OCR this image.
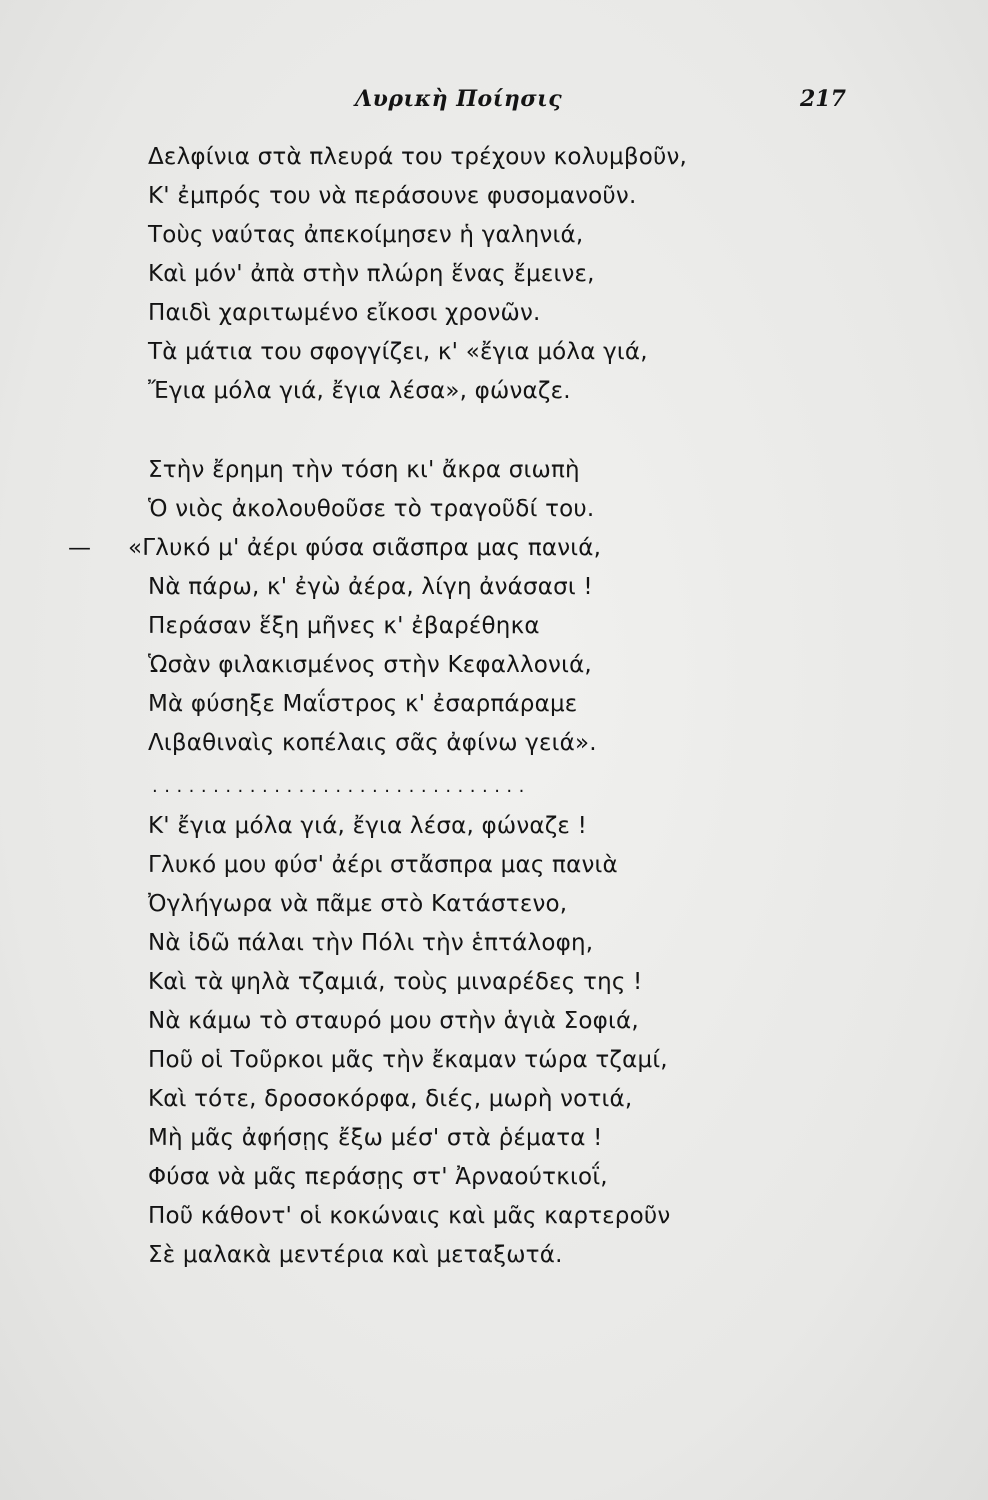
Λυρικὴ Ποίησις	217
Δελφίνια στὰ πλευρά του τρέχουν κολυμβοῦν,
Κ' ἐμπρός του νὰ περάσουνε φυσομανοῦν.
Τοὺς ναύτας ἀπεκοίμησεν ἡ γαληνιά,
Καὶ μόν' ἀπὰ στὴν πλώρη ἕνας ἔμεινε,
Παιδὶ χαριτωμένο εἴκοσι χρονῶν.
Τὰ μάτια του σφογγίζει, κ' «ἔγια μόλα γιά,
Ἔγια μόλα γιά, ἔγια λέσα», φώναζε.
Στὴν ἔρημη τὴν τόση κι' ἄκρα σιωπὴ
Ὁ νιὸς ἀκολουθοῦσε τὸ τραγοῦδί του.
— «Γλυκό μ' ἀέρι φύσα σιᾶσπρα μας πανιά,
Νὰ πάρω, κ' ἐγὼ ἀέρα, λίγη ἀνάσασι !
Περάσαν ἕξη μῆνες κ' ἐβαρέθηκα
Ὡσὰν φιλακισμένος στὴν Κεφαλλονιά,
Μὰ φύσηξε Μαΐστρος κ' ἐσαρπάραμε
Λιβαθιναὶς κοπέλαις σᾶς ἀφίνω γειά».
...............................
Κ' ἔγια μόλα γιά, ἔγια λέσα, φώναζε !
Γλυκό μου φύσ' ἀέρι στἄσπρα μας πανιὰ
Ὀγλήγωρα νὰ πᾶμε στὸ Κατάστενο,
Νὰ ἰδῶ πάλαι τὴν Πόλι τὴν ἑπτάλοφη,
Καὶ τὰ ψηλὰ τζαμιά, τοὺς μιναρέδες της !
Νὰ κάμω τὸ σταυρό μου στὴν ἁγιὰ Σοφιά,
Ποῦ οἱ Τοῦρκοι μᾶς τὴν ἔκαμαν τώρα τζαμί,
Καὶ τότε, δροσοκόρφα, διές, μωρὴ νοτιά,
Μὴ μᾶς ἀφήσῃς ἔξω μέσ' στὰ ῥέματα !
Φύσα νὰ μᾶς περάσῃς στ' Ἀρναούτκιοΐ,
Ποῦ κάθοντ' οἱ κοκώναις καὶ μᾶς καρτεροῦν
Σὲ μαλακὰ μεντέρια καὶ μεταξωτά.
